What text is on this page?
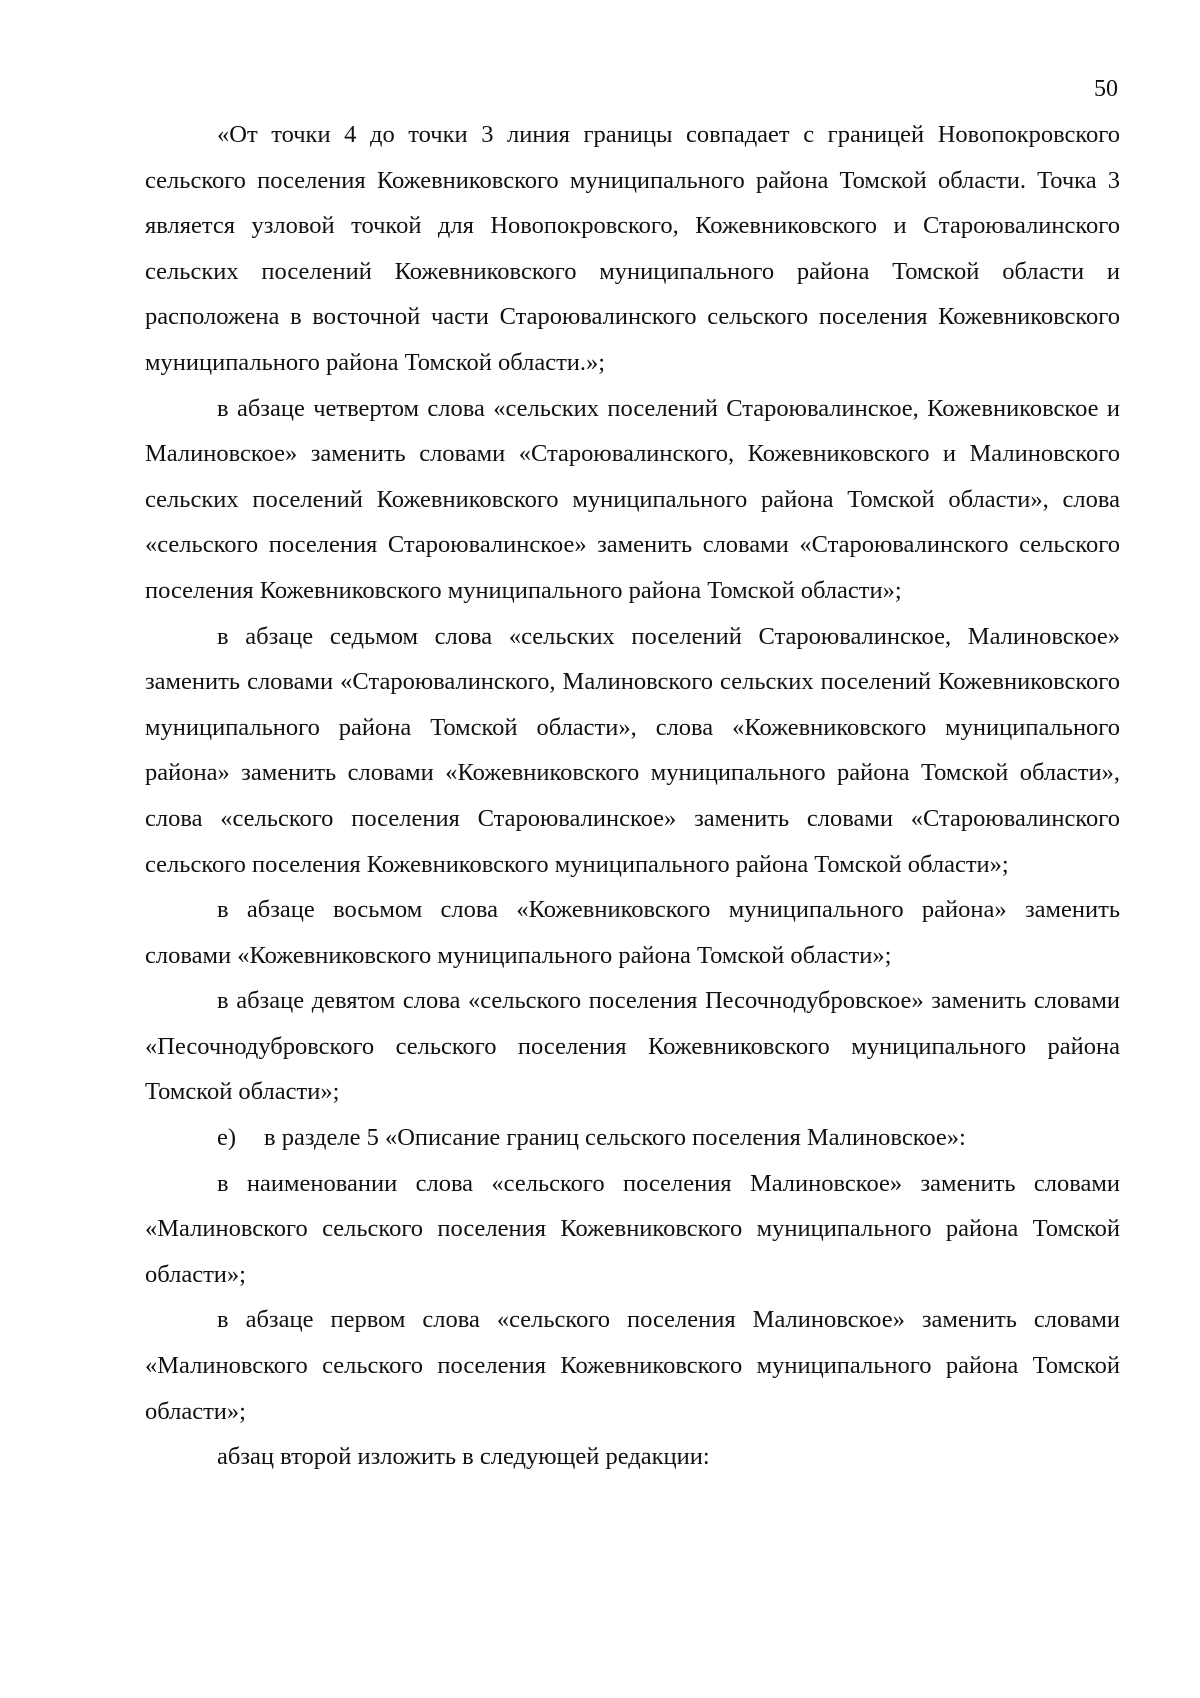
50

«От точки 4 до точки 3 линия границы совпадает с границей Новопокровского сельского поселения Кожевниковского муниципального района Томской области. Точка 3 является узловой точкой для Новопокровского, Кожевниковского и Староювалинского сельских поселений Кожевниковского муниципального района Томской области и расположена в восточной части Староювалинского сельского поселения Кожевниковского муниципального района Томской области.»;

в абзаце четвертом слова «сельских поселений Староювалинское, Кожевниковское и Малиновское» заменить словами «Староювалинского, Кожевниковского и Малиновского сельских поселений Кожевниковского муниципального района Томской области», слова «сельского поселения Староювалинское» заменить словами «Староювалинского сельского поселения Кожевниковского муниципального района Томской области»;

в абзаце седьмом слова «сельских поселений Староювалинское, Малиновское» заменить словами «Староювалинского, Малиновского сельских поселений Кожевниковского муниципального района Томской области», слова «Кожевниковского муниципального района» заменить словами «Кожевниковского муниципального района Томской области», слова «сельского поселения Староювалинское» заменить словами «Староювалинского сельского поселения Кожевниковского муниципального района Томской области»;

в абзаце восьмом слова «Кожевниковского муниципального района» заменить словами «Кожевниковского муниципального района Томской области»;

в абзаце девятом слова «сельского поселения Песочнодубровское» заменить словами «Песочнодубровского сельского поселения Кожевниковского муниципального района Томской области»;

е) в разделе 5 «Описание границ сельского поселения Малиновское»:

в наименовании слова «сельского поселения Малиновское» заменить словами «Малиновского сельского поселения Кожевниковского муниципального района Томской области»;

в абзаце первом слова «сельского поселения Малиновское» заменить словами «Малиновского сельского поселения Кожевниковского муниципального района Томской области»;

абзац второй изложить в следующей редакции:
